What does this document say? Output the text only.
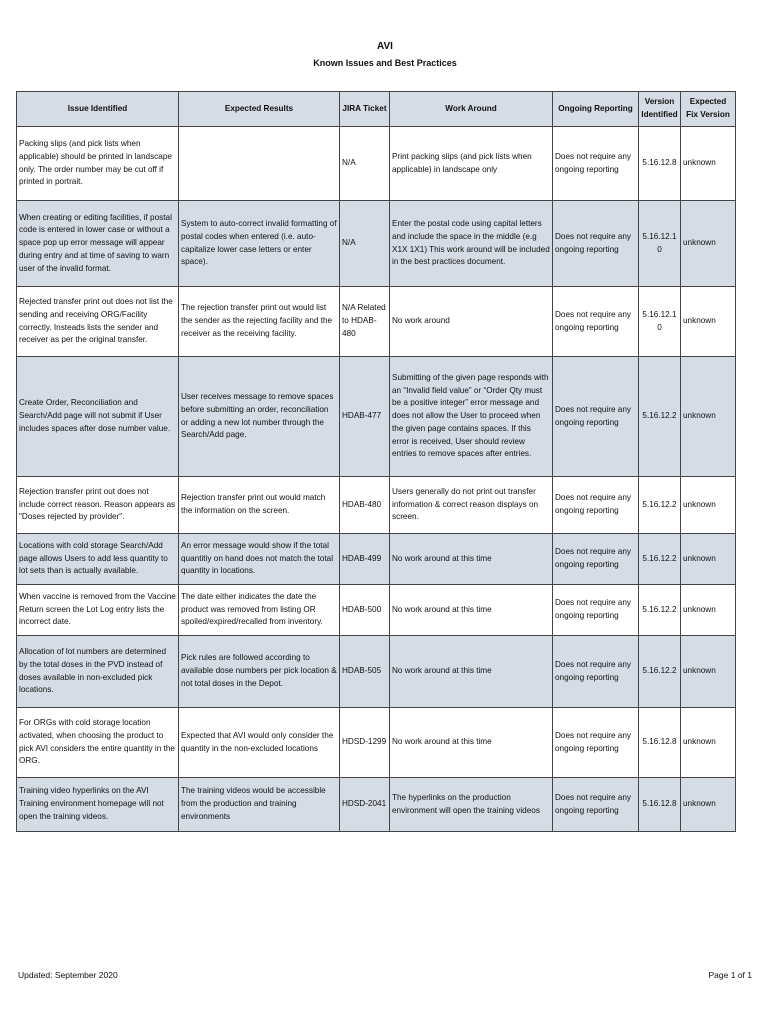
AVI
Known Issues and Best Practices
Issue Identified	Expected Results	JIRA Ticket	Work Around	Ongoing Reporting	Version Identified	Expected Fix Version
Packing slips (and pick lists when applicable) should be printed in landscape only. The order number may be cut off if printed in portrait.		N/A	Print packing slips (and pick lists when applicable) in landscape only	Does not require any ongoing reporting	5.16.12.8	unknown
When creating or editing facilities, if postal code is entered in lower case or without a space pop up error message will appear during entry and at time of saving to warn user of the invalid format.	System to auto-correct invalid formatting of postal codes when entered (i.e. auto-capitalize lower case letters or enter space).	N/A	Enter the postal code using capital letters and include the space in the middle (e.g X1X 1X1) This work around will be included in the best practices document.	Does not require any ongoing reporting	5.16.12.10	unknown
Rejected transfer print out does not list the sending and receiving ORG/Facility correctly. Insteads lists the sender and receiver as per the original transfer.	The rejection transfer print out would list the sender as the rejecting facility and the receiver as the receiving facility.	N/A Related to HDAB-480	No work around	Does not require any ongoing reporting	5.16.12.10	unknown
Create Order, Reconciliation and Search/Add page will not submit if User includes spaces after dose number value.	User receives message to remove spaces before submitting an order, reconciliation or adding a new lot number through the Search/Add page.	HDAB-477	Submitting of the given page responds with an “Invalid field value” or “Order Qty must be a positive integer” error message and does not allow the User to proceed when the given page contains spaces. If this error is received, User should review entries to remove spaces after entries.	Does not require any ongoing reporting	5.16.12.2	unknown
Rejection transfer print out does not include correct reason. Reason appears as "Doses rejected by provider".	Rejection transfer print out would match the information on the screen.	HDAB-480	Users generally do not print out transfer information & correct reason displays on screen.	Does not require any ongoing reporting	5.16.12.2	unknown
Locations with cold storage Search/Add page allows Users to add less quantity to lot sets than is actually available.	An error message would show if the total quantitiy on hand does not match the total quantity in locations.	HDAB-499	No work around at this time	Does not require any ongoing reporting	5.16.12.2	unknown
When vaccine is removed from the Vaccine Return screen the Lot Log entry lists the incorrect date.	The date either indicates the date the product was removed from listing OR spoiled/expired/recalled from inventory.	HDAB-500	No work around at this time	Does not require any ongoing reporting	5.16.12.2	unknown
Allocation of lot numbers are determined by the total doses in the PVD instead of doses available in non-excluded pick locations.	Pick rules are followed according to available dose numbers per pick location & not total doses in the Depot.	HDAB-505	No work around at this time	Does not require any ongoing reporting	5.16.12.2	unknown
For ORGs with cold storage location activated, when choosing the product to pick AVI considers the entire quantity in the ORG.	Expected that AVI would only consider the quantity in the non-excluded locations	HDSD-1299	No work around at this time	Does not require any ongoing reporting	5.16.12.8	unknown
Training video hyperlinks on the AVI Training environment homepage will not open the training videos.	The training videos would be accessible from the production and training environments	HDSD-2041	The hyperlinks on the production environment will open the training videos	Does not require any ongoing reporting	5.16.12.8	unknown
Updated: September 2020	Page 1 of 1
